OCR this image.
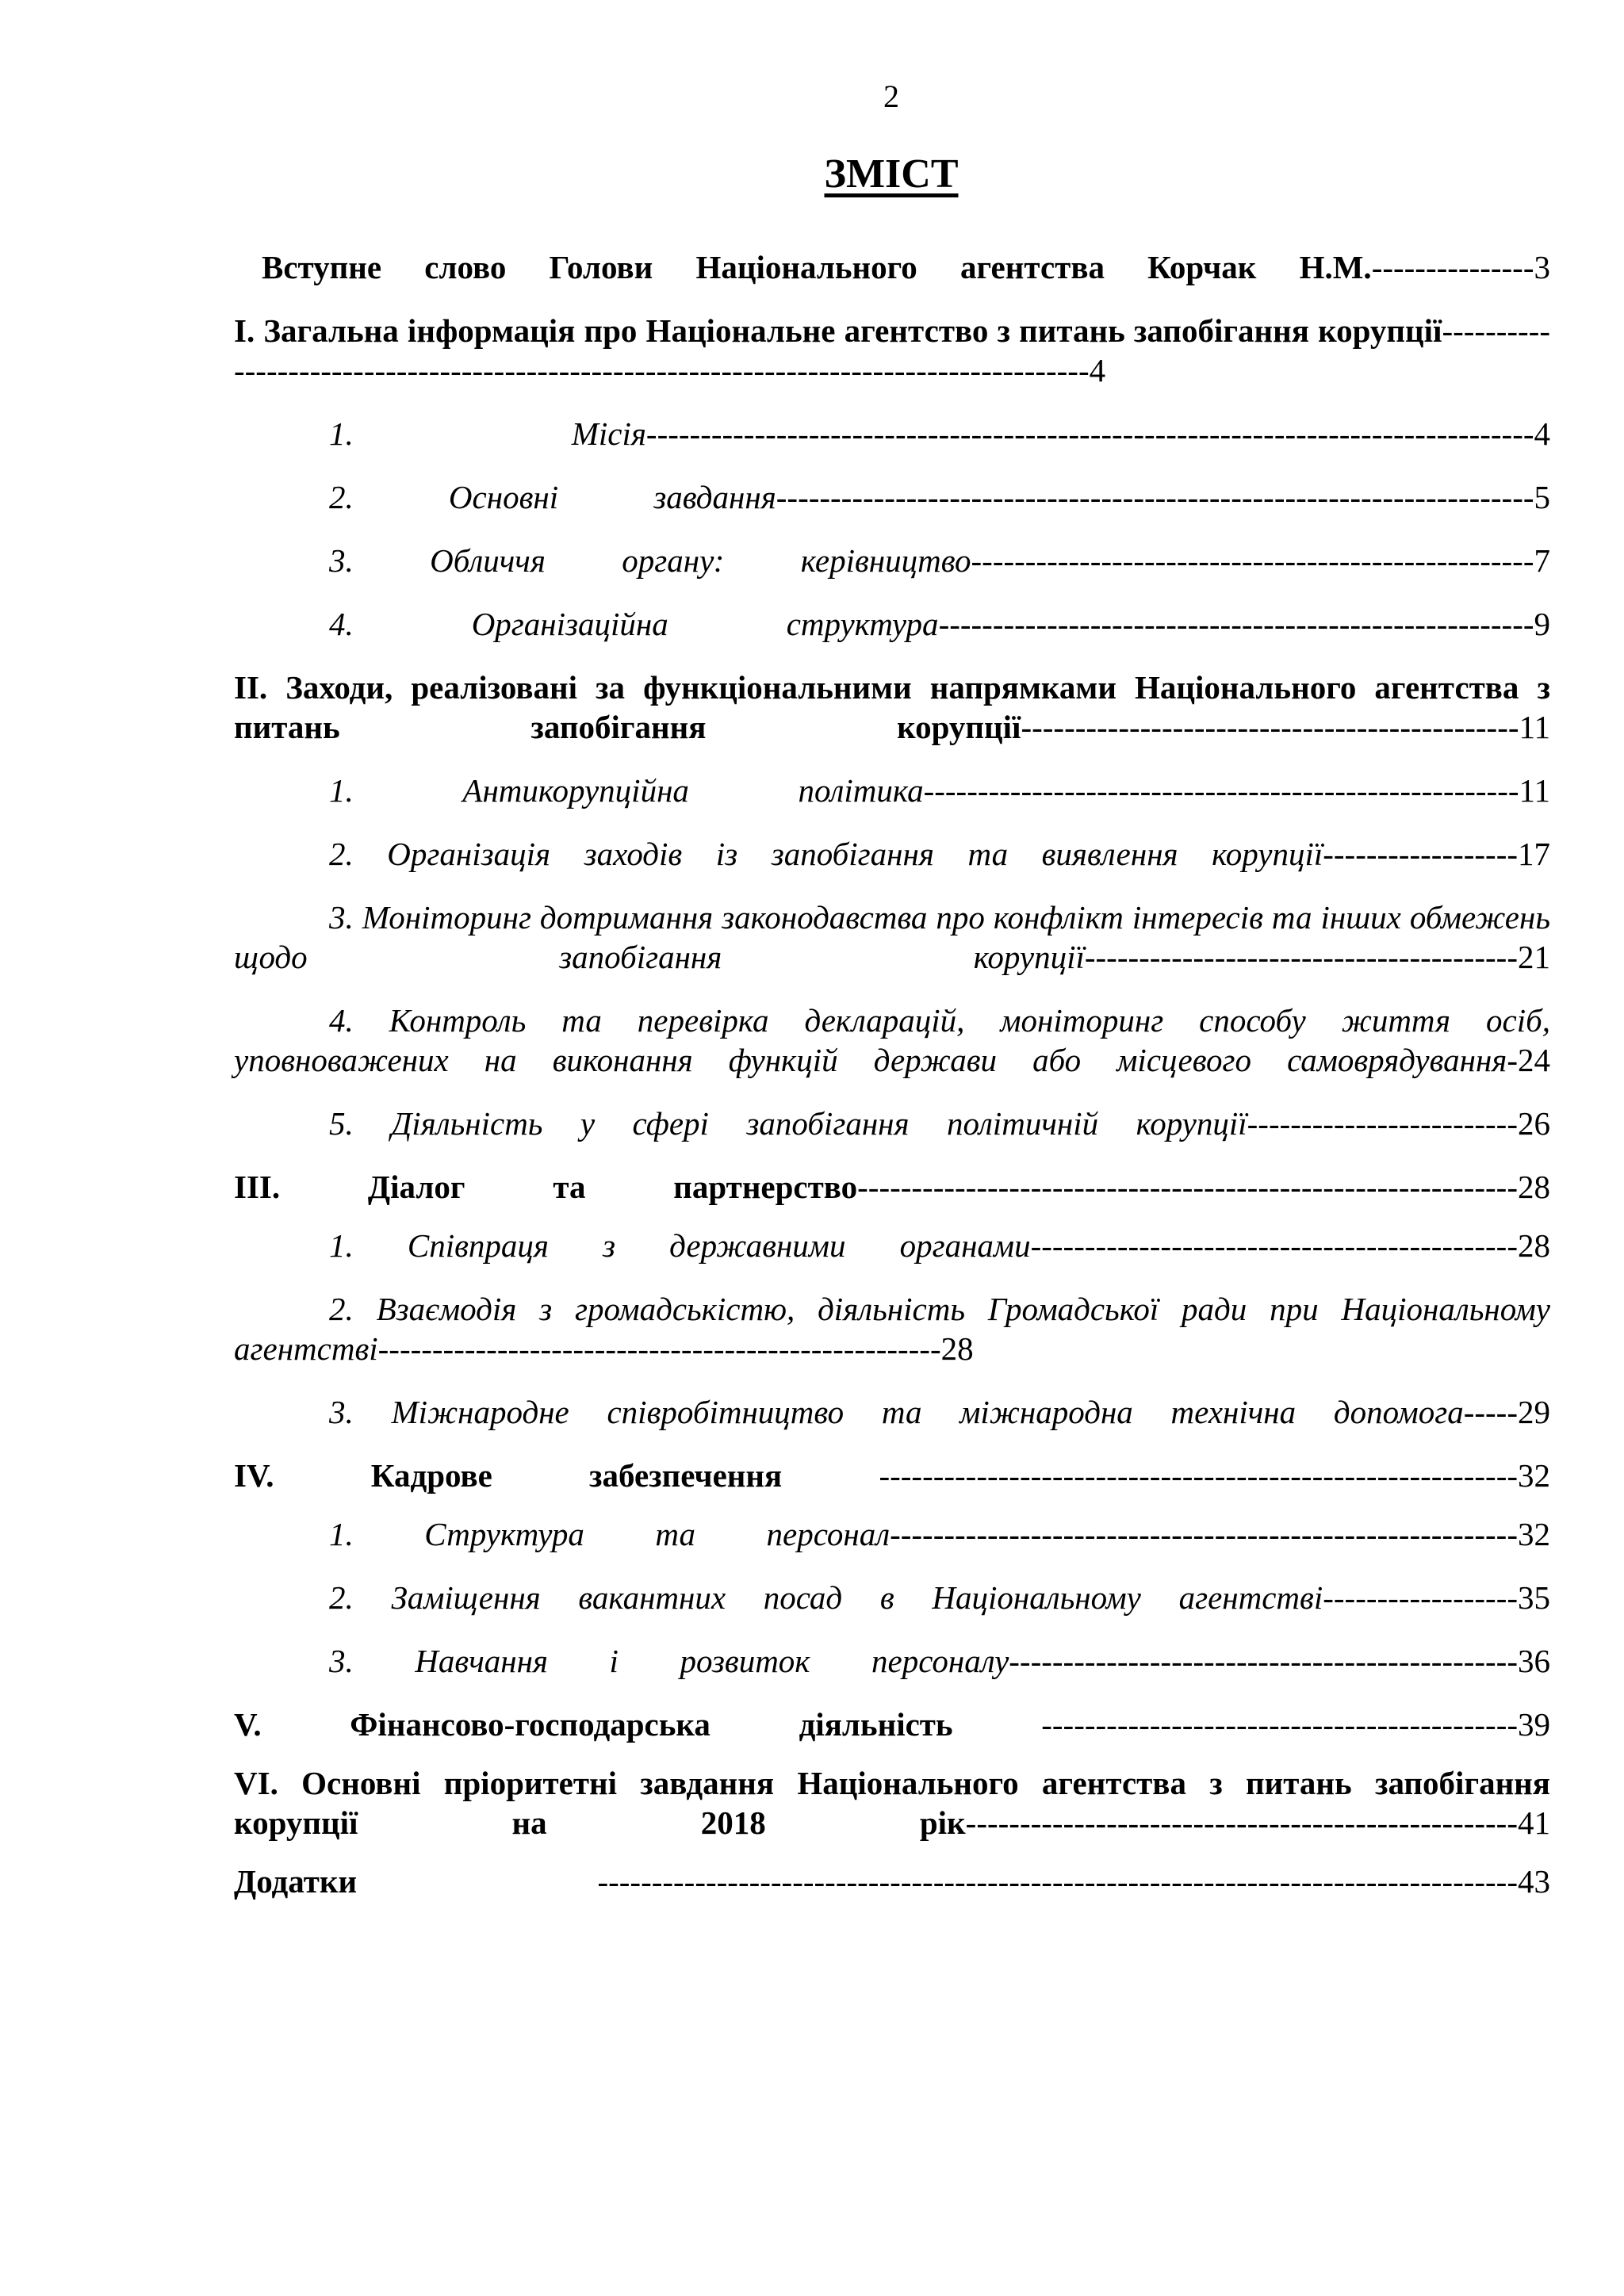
2
ЗМІСТ
Вступне слово Голови Національного агентства Корчак Н.М.---------------3
І. Загальна інформація про Національне агентство з питань запобігання корупції-----------------------------------------------------------------------------------------4
1. Місія----------------------------------------------------------------------------------4
2. Основні завдання----------------------------------------------------------------------5
3. Обличчя органу: керівництво----------------------------------------------------7
4. Організаційна структура-------------------------------------------------------9
ІІ. Заходи, реалізовані за функціональними напрямками Національного агентства з питань запобігання корупції----------------------------------------------11
1. Антикорупційна політика-------------------------------------------------------11
2. Організація заходів із запобігання та виявлення корупції------------------17
3. Моніторинг дотримання законодавства про конфлікт інтересів та інших обмежень щодо запобігання корупції----------------------------------------21
4. Контроль та перевірка декларацій, моніторинг способу життя осіб, уповноважених на виконання функцій держави або місцевого самоврядування-24
5. Діяльність у сфері запобігання політичній корупції-------------------------26
ІІІ. Діалог та партнерство-------------------------------------------------------------28
1. Співпраця з державними органами---------------------------------------------28
2. Взаємодія з громадськістю, діяльність Громадської ради при Національному агентстві----------------------------------------------------28
3. Міжнародне співробітництво та міжнародна технічна допомога-----29
IV. Кадрове забезпечення -----------------------------------------------------------32
1. Структура та персонал----------------------------------------------------------32
2. Заміщення вакантних посад в Національному агентстві------------------35
3. Навчання і розвиток персоналу-----------------------------------------------36
V. Фінансово-господарська діяльність --------------------------------------------39
VI. Основні пріоритетні завдання Національного агентства з питань запобігання корупції на 2018 рік---------------------------------------------------41
Додатки -------------------------------------------------------------------------------------43
